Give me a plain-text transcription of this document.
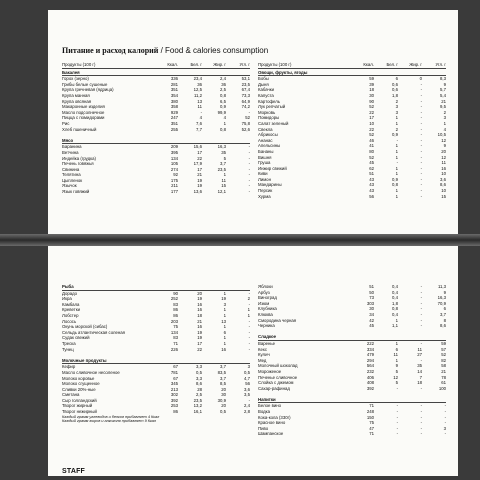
Питание и расход калорий / Food & calories consumption
Продукты (100 г)	Ккал.	Бел. г	Жир. г	Угл. г
Бакалея
Горох (зерно)	336	23,4	2,4	53,1
Грибы белые сушеные	281	36	36	23,5
Крупа гречневая (ядрица)	351	12,5	2,5	67,4
Крупа манная	354	11,2	0,8	73,3
Крупа овсяная	380	13	6,5	64,9
Макаронные изделия	358	11	0,9	74,2
Масло подсолнечное	929	-	99,9	-
Пицца с помидорами	247	4	4	52
Рис	351	7,6	1	75,8
Хлеб пшеничный	255	7,7	0,8	52,6
Мясо
Баранина	209	15,6	16,3	-
Ветчина	395	17	35	-
Индейка (грудка)	134	22	5	-
Печень говяжья	105	17,9	3,7	-
Свинина	274	17	23,5	-
Телятина	92	21	1	-
Цыпленок	175	19	11	-
Язычок	211	19	15	-
Язык говяжий	177	13,6	12,1	-
Продукты (100 г)	Ккал.	Бел. г	Жир. г	Угл. г
Овощи, фрукты, ягоды
Бобы	59	6	0	8,3
Дыня	39	0,6	-	9
Кабачки	18	0,6	-	5,7
Капуста	30	1,8	-	5,4
Картофель	90	2	-	21
Лук репчатый	52	3	-	9,5
Морковь	22	3	-	2
Помидоры	17	1	-	3
Салат зеленый	10	1	-	1
Свекла	22	2	-	4
Абрикосы	52	0,9	-	10,5
Ананас	46	-	-	12
Апельсины	41	1	-	9
Бананы	80	1	-	20
Вишня	52	1	-	12
Груша	45	-	-	11
Инжир свежий	62	1	-	16
Киви	51	1	-	10
Лимон	43	0,9	-	3,6
Мандарины	43	0,8	-	8,6
Персик	43	1	-	10
Хурма	56	1	-	15
Рыба
Дорадо	90	20	1	-
Икра	252	19	19	2
Камбала	83	16	3	-
Креветки	86	16	1	1
Лобстер	86	18	1	1
Лосось	203	21	13	-
Окунь морской (сибас)	75	16	1	-
Сельдь атлантическая соленая	134	19	6	-
Судак свежий	83	19	1	-
Треска	71	17	1	-
Тунец	226	22	16	-
Молочные продукты
Кефир	67	3,3	3,7	3
Масло сливочное несоленое	781	0,5	83,5	0,5
Молоко коровье	67	3,3	3,7	4,7
Молоко сгущенное	345	8,6	8,5	56
Сливки 20%-ные	213	28	20	3,6
Сметана	302	2,5	30	3,5
Сыр голландский	392	23,5	30,9	-
Творог жирный	253	13,2	20	2,4
Творог нежирный	86	16,1	0,5	2,8
Каждый грамм углеводов и белков прибавляет 4 Ккал
Каждый грамм жиров и алкоголя прибавляет 9 Ккал
Яблоки	51	0,4	-	11,3
Арбуз	50	0,4	-	9
Виноград	73	0,4	-	16,3
Изюм	303	1,8	-	70,9
Клубника	30	0,8	-	6
Клюква	34	0,4	-	3,7
Смородина черная	42	1	-	8
Черника	45	1,1	-	8,6
Сладкое
Варенье	222	1	-	59
Кекс	334	6	11	57
Кулич	479	11	27	52
Мед	294	1	-	82
Молочный шоколад	564	9	35	58
Мороженое	232	5	14	21
Печенье сливочное	406	12	7	78
Слойка с джемом	408	5	18	61
Сахар-рафинад	392	-	-	100
Напитки
Белое вино	71	-	-	-
Водка	248	-	-	-
Кока-кола (330г)	150	-	-	-
Красное вино	75	-	-	-
Пиво	47	-	-	3
Шампанское	71	-	-	-
STAFF
